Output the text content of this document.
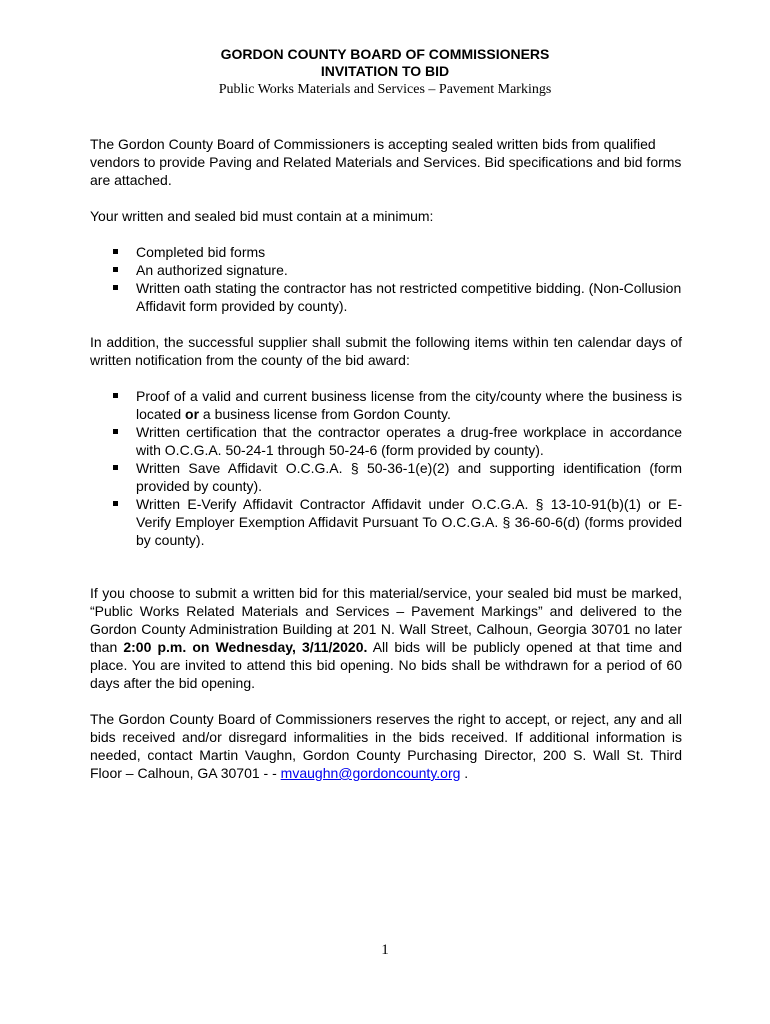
GORDON COUNTY BOARD OF COMMISSIONERS
INVITATION TO BID
Public Works Materials and Services – Pavement Markings

The Gordon County Board of Commissioners is accepting sealed written bids from qualified vendors to provide Paving and Related Materials and Services. Bid specifications and bid forms are attached.

Your written and sealed bid must contain at a minimum:

Completed bid forms
An authorized signature.
Written oath stating the contractor has not restricted competitive bidding. (Non-Collusion Affidavit form provided by county).

In addition, the successful supplier shall submit the following items within ten calendar days of written notification from the county of the bid award:

Proof of a valid and current business license from the city/county where the business is located or a business license from Gordon County.
Written certification that the contractor operates a drug-free workplace in accordance with O.C.G.A. 50-24-1 through 50-24-6 (form provided by county).
Written Save Affidavit O.C.G.A. § 50-36-1(e)(2) and supporting identification (form provided by county).
Written E-Verify Affidavit Contractor Affidavit under O.C.G.A. § 13-10-91(b)(1) or E-Verify Employer Exemption Affidavit Pursuant To O.C.G.A. § 36-60-6(d) (forms provided by county).

If you choose to submit a written bid for this material/service, your sealed bid must be marked, “Public Works Related Materials and Services – Pavement Markings” and delivered to the Gordon County Administration Building at 201 N. Wall Street, Calhoun, Georgia 30701 no later than 2:00 p.m. on Wednesday, 3/11/2020. All bids will be publicly opened at that time and place. You are invited to attend this bid opening. No bids shall be withdrawn for a period of 60 days after the bid opening.

The Gordon County Board of Commissioners reserves the right to accept, or reject, any and all bids received and/or disregard informalities in the bids received. If additional information is needed, contact Martin Vaughn, Gordon County Purchasing Director, 200 S. Wall St. Third Floor – Calhoun, GA 30701 - - mvaughn@gordoncounty.org .

1
